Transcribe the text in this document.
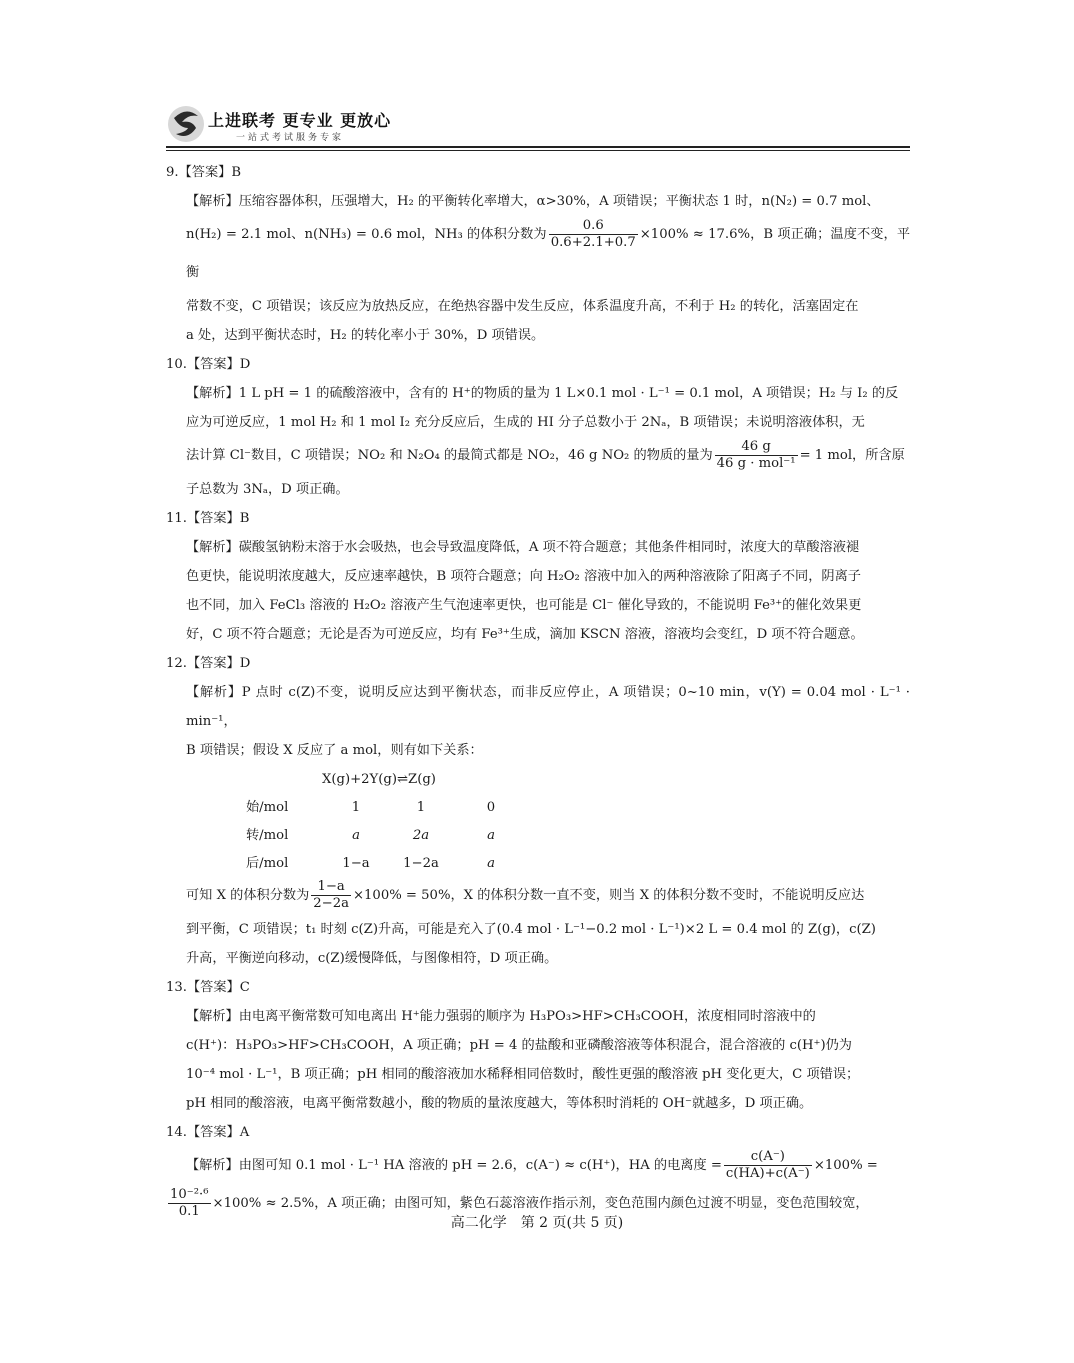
上进联考 更专业 更放心
一站式考试服务专家
9.【答案】B

【解析】压缩容器体积，压强增大，H₂ 的平衡转化率增大，α>30%，A 项错误；平衡状态 1 时，n(N₂) = 0.7 mol、

n(H₂) = 2.1 mol、n(NH₃) = 0.6 mol，NH₃ 的体积分数为 $\frac{0.6}{0.6+2.1+0.7} \times 100\% \approx 17.6\%$，B 项正确；温度不变，平衡

常数不变，C 项错误；该反应为放热反应，在绝热容器中发生反应，体系温度升高，不利于 H₂ 的转化，活塞固定在

a 处，达到平衡状态时，H₂ 的转化率小于 30%，D 项错误。

10.【答案】D

【解析】1 L pH = 1 的硫酸溶液中，含有的 H⁺的物质的量为 1 L×0.1 mol · L⁻¹ = 0.1 mol，A 项错误；H₂ 与 I₂ 的反

应为可逆反应，1 mol H₂ 和 1 mol I₂ 充分反应后，生成的 HI 分子总数小于 2Nₐ，B 项错误；未说明溶液体积，无

法计算 Cl⁻数目，C 项错误；NO₂ 和 N₂O₄ 的最简式都是 NO₂，46 g NO₂ 的物质的量为 $\frac{46 g}{\text{46 g · mol⁻¹}} = 1$ mol，所含原

子总数为 3Nₐ，D 项正确。

11.【答案】B

【解析】碳酸氢钠粉末溶于水会吸热，也会导致温度降低，A 项不符合题意；其他条件相同时，浓度大的草酸溶液褪

色更快，能说明浓度越大，反应速率越快，B 项符合题意；向 H₂O₂ 溶液中加入的两种溶液除了阳离子不同，阴离子

也不同，加入 FeCl₃ 溶液的 H₂O₂ 溶液产生气泡速率更快，也可能是 Cl⁻ 催化导致的，不能说明 Fe³⁺的催化效果更

好，C 项不符合题意；无论是否为可逆反应，均有 Fe³⁺生成，滴加 KSCN 溶液，溶液均会变红，D 项不符合题意。

12.【答案】D

【解析】P 点时 c(Z)不变，说明反应达到平衡状态，而非反应停止，A 项错误；0~10 min，v(Y) = 0.04 mol · L⁻¹ · min⁻¹，

B 项错误；假设 X 反应了 a mol，则有如下关系：

X(g)+2Y(g)⇌Z(g)
始/mol	1	1	0
转/mol	a	2a	a
后/mol	1−a	1−2a	a

可知 X 的体积分数为 $\frac{1-a}{2-2a} \times 100\% = 50\%$，X 的体积分数一直不变，则当 X 的体积分数不变时，不能说明反应达

到平衡，C 项错误；t₁ 时刻 c(Z)升高，可能是充入了(0.4 mol · L⁻¹−0.2 mol · L⁻¹)×2 L = 0.4 mol 的 Z(g)，c(Z)

升高，平衡逆向移动，c(Z)缓慢降低，与图像相符，D 项正确。

13.【答案】C

【解析】由电离平衡常数可知电离出 H⁺能力强弱的顺序为 H₃PO₃>HF>CH₃COOH，浓度相同时溶液中的

c(H⁺)：H₃PO₃>HF>CH₃COOH，A 项正确；pH = 4 的盐酸和亚磷酸溶液等体积混合，混合溶液的 c(H⁺)仍为

10⁻⁴ mol · L⁻¹，B 项正确；pH 相同的酸溶液加水稀释相同倍数时，酸性更强的酸溶液 pH 变化更大，C 项错误；

pH 相同的酸溶液，电离平衡常数越小，酸的物质的量浓度越大，等体积时消耗的 OH⁻就越多，D 项正确。

14.【答案】A

【解析】由图可知 0.1 mol · L⁻¹ HA 溶液的 pH = 2.6，c(A⁻) ≈ c(H⁺)，HA 的电离度 = $\frac{c(A^-)}{c(HA)+c(A^-)} \times 100\%$ =

$\frac{\text{10⁻²·⁶}}{0.1} \times 100\% \approx 2.5\%$，A 项正确；由图可知，紫色石蕊溶液作指示剂，变色范围内颜色过渡不明显，变色范围较宽，

高二化学　第 2 页(共 5 页)
